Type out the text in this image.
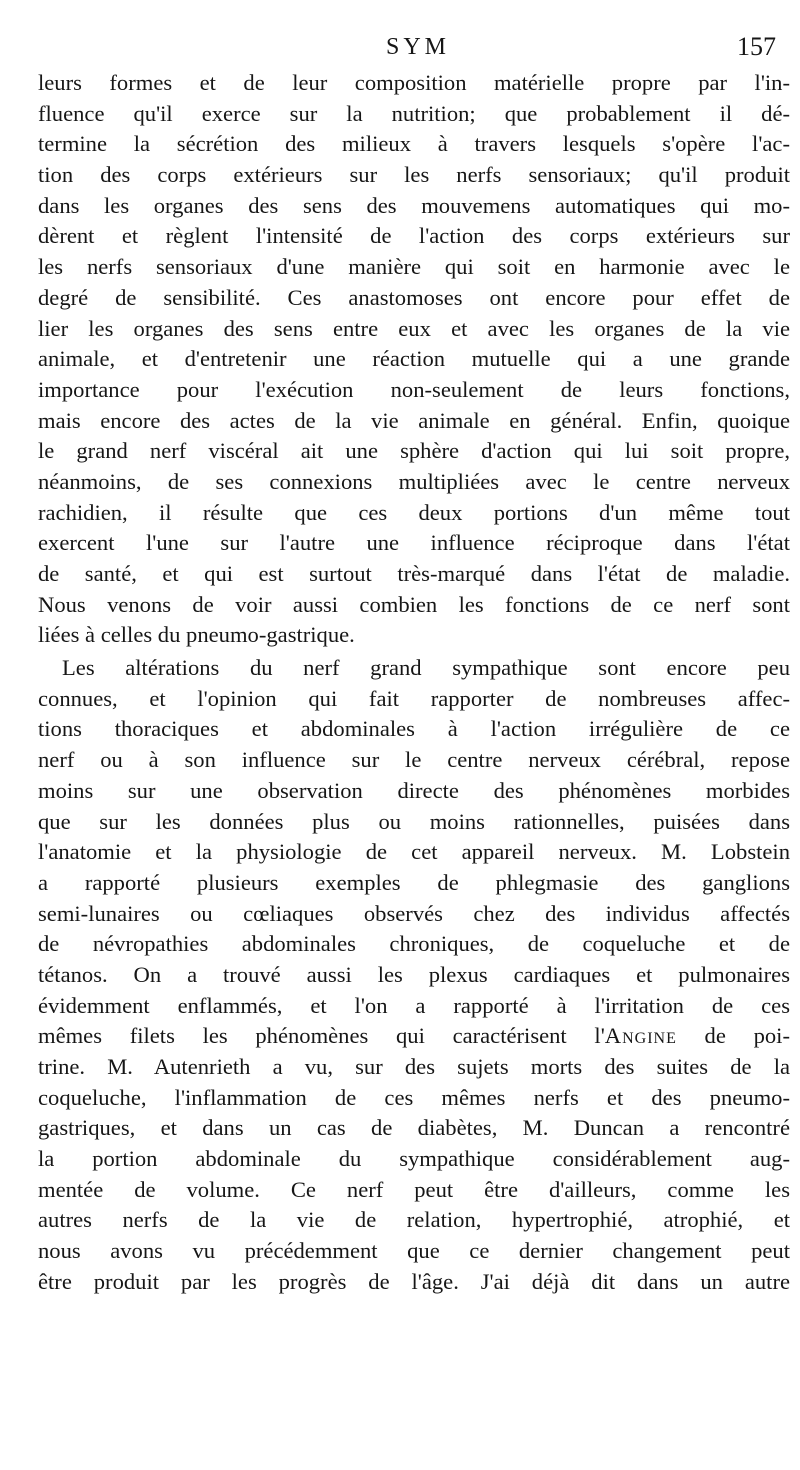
SYM	157
leurs formes et de leur composition matérielle propre par l'in-
fluence qu'il exerce sur la nutrition; que probablement il dé-
termine la sécrétion des milieux à travers lesquels s'opère l'ac-
tion des corps extérieurs sur les nerfs sensoriaux; qu'il produit
dans les organes des sens des mouvemens automatiques qui mo-
dèrent et règlent l'intensité de l'action des corps extérieurs sur
les nerfs sensoriaux d'une manière qui soit en harmonie avec le
degré de sensibilité. Ces anastomoses ont encore pour effet de
lier les organes des sens entre eux et avec les organes de la vie
animale, et d'entretenir une réaction mutuelle qui a une grande
importance pour l'exécution non-seulement de leurs fonctions,
mais encore des actes de la vie animale en général. Enfin, quoique
le grand nerf viscéral ait une sphère d'action qui lui soit propre,
néanmoins, de ses connexions multipliées avec le centre nerveux
rachidien, il résulte que ces deux portions d'un même tout
exercent l'une sur l'autre une influence réciproque dans l'état
de santé, et qui est surtout très-marqué dans l'état de maladie.
Nous venons de voir aussi combien les fonctions de ce nerf sont
liées à celles du pneumo-gastrique.
Les altérations du nerf grand sympathique sont encore peu
connues, et l'opinion qui fait rapporter de nombreuses affec-
tions thoraciques et abdominales à l'action irrégulière de ce
nerf ou à son influence sur le centre nerveux cérébral, repose
moins sur une observation directe des phénomènes morbides
que sur les données plus ou moins rationnelles, puisées dans
l'anatomie et la physiologie de cet appareil nerveux. M. Lobstein
a rapporté plusieurs exemples de phlegmasie des ganglions
semi-lunaires ou cœliaques observés chez des individus affectés
de névropathies abdominales chroniques, de coqueluche et de
tétanos. On a trouvé aussi les plexus cardiaques et pulmonaires
évidemment enflammés, et l'on a rapporté à l'irritation de ces
mêmes filets les phénomènes qui caractérisent l'Angine de poi-
trine. M. Autenrieth a vu, sur des sujets morts des suites de la
coqueluche, l'inflammation de ces mêmes nerfs et des pneumo-
gastriques, et dans un cas de diabètes, M. Duncan a rencontré
la portion abdominale du sympathique considérablement aug-
mentée de volume. Ce nerf peut être d'ailleurs, comme les
autres nerfs de la vie de relation, hypertrophié, atrophié, et
nous avons vu précédemment que ce dernier changement peut
être produit par les progrès de l'âge. J'ai déjà dit dans un autre
